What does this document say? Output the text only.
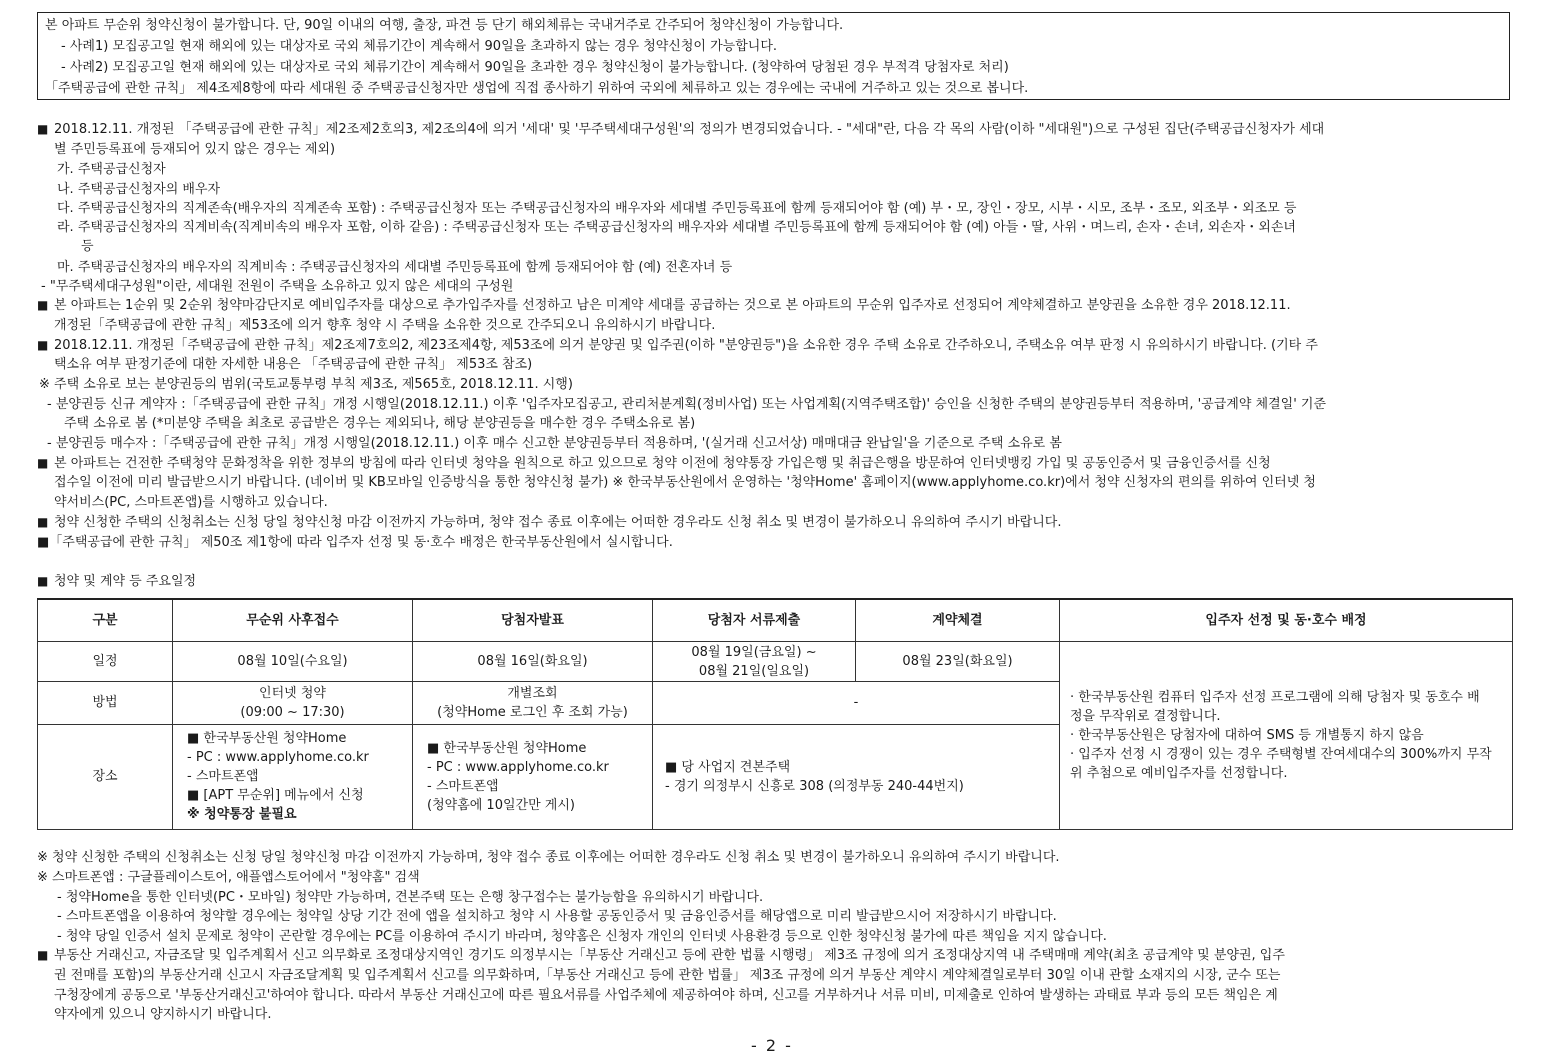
본 아파트 무순위 청약신청이 불가합니다. 단, 90일 이내의 여행, 출장, 파견 등 단기 해외체류는 국내거주로 간주되어 청약신청이 가능합니다.

- 사례1) 모집공고일 현재 해외에 있는 대상자로 국외 체류기간이 계속해서 90일을 초과하지 않는 경우 청약신청이 가능합니다.

- 사례2) 모집공고일 현재 해외에 있는 대상자로 국외 체류기간이 계속해서 90일을 초과한 경우 청약신청이 불가능합니다. (청약하여 당첨된 경우 부적격 당첨자로 처리)

「주택공급에 관한 규칙」 제4조제8항에 따라 세대원 중 주택공급신청자만 생업에 직접 종사하기 위하여 국외에 체류하고 있는 경우에는 국내에 거주하고 있는 것으로 봅니다.

■ 2018.12.11. 개정된 「주택공급에 관한 규칙」제2조제2호의3, 제2조의4에 의거 '세대' 및 '무주택세대구성원'의 정의가 변경되었습니다. - "세대"란, 다음 각 목의 사람(이하 "세대원")으로 구성된 집단(주택공급신청자가 세대

별 주민등록표에 등재되어 있지 않은 경우는 제외)

가. 주택공급신청자

나. 주택공급신청자의 배우자

다. 주택공급신청자의 직계존속(배우자의 직계존속 포함) : 주택공급신청자 또는 주택공급신청자의 배우자와 세대별 주민등록표에 함께 등재되어야 함 (예) 부・모, 장인・장모, 시부・시모, 조부・조모, 외조부・외조모 등

라. 주택공급신청자의 직계비속(직계비속의 배우자 포함, 이하 같음) : 주택공급신청자 또는 주택공급신청자의 배우자와 세대별 주민등록표에 함께 등재되어야 함 (예) 아들・딸, 사위・며느리, 손자・손녀, 외손자・외손녀

등

마. 주택공급신청자의 배우자의 직계비속 : 주택공급신청자의 세대별 주민등록표에 함께 등재되어야 함 (예) 전혼자녀 등

- "무주택세대구성원"이란, 세대원 전원이 주택을 소유하고 있지 않은 세대의 구성원

■ 본 아파트는 1순위 및 2순위 청약마감단지로 예비입주자를 대상으로 추가입주자를 선정하고 남은 미계약 세대를 공급하는 것으로 본 아파트의 무순위 입주자로 선정되어 계약체결하고 분양권을 소유한 경우 2018.12.11.

개정된「주택공급에 관한 규칙」제53조에 의거 향후 청약 시 주택을 소유한 것으로 간주되오니 유의하시기 바랍니다.

■ 2018.12.11. 개정된「주택공급에 관한 규칙」제2조제7호의2, 제23조제4항, 제53조에 의거 분양권 및 입주권(이하 "분양권등")을 소유한 경우 주택 소유로 간주하오니, 주택소유 여부 판정 시 유의하시기 바랍니다. (기타 주

택소유 여부 판정기준에 대한 자세한 내용은 「주택공급에 관한 규칙」 제53조 참조)

※ 주택 소유로 보는 분양권등의 범위(국토교통부령 부칙 제3조, 제565호, 2018.12.11. 시행)

- 분양권등 신규 계약자 :「주택공급에 관한 규칙」개정 시행일(2018.12.11.) 이후 '입주자모집공고, 관리처분계획(정비사업) 또는 사업계획(지역주택조합)' 승인을 신청한 주택의 분양권등부터 적용하며, '공급계약 체결일' 기준

주택 소유로 봄 (*미분양 주택을 최초로 공급받은 경우는 제외되나, 해당 분양권등을 매수한 경우 주택소유로 봄)

- 분양권등 매수자 :「주택공급에 관한 규칙」개정 시행일(2018.12.11.) 이후 매수 신고한 분양권등부터 적용하며, '(실거래 신고서상) 매매대금 완납일'을 기준으로 주택 소유로 봄

■ 본 아파트는 건전한 주택청약 문화정착을 위한 정부의 방침에 따라 인터넷 청약을 원칙으로 하고 있으므로 청약 이전에 청약통장 가입은행 및 취급은행을 방문하여 인터넷뱅킹 가입 및 공동인증서 및 금융인증서를 신청

접수일 이전에 미리 발급받으시기 바랍니다. (네이버 및 KB모바일 인증방식을 통한 청약신청 불가) ※ 한국부동산원에서 운영하는 '청약Home' 홈페이지(www.applyhome.co.kr)에서 청약 신청자의 편의를 위하여 인터넷 청

약서비스(PC, 스마트폰앱)를 시행하고 있습니다.

■ 청약 신청한 주택의 신청취소는 신청 당일 청약신청 마감 이전까지 가능하며, 청약 접수 종료 이후에는 어떠한 경우라도 신청 취소 및 변경이 불가하오니 유의하여 주시기 바랍니다.

■「주택공급에 관한 규칙」 제50조 제1항에 따라 입주자 선정 및 동·호수 배정은 한국부동산원에서 실시합니다.

■ 청약 및 계약 등 주요일정

구분	무순위 사후접수	당첨자발표	당첨자 서류제출	계약체결	입주자 선정 및 동·호수 배정
일정	08월 10일(수요일)	08월 16일(화요일)	08월 19일(금요일) ~
08월 21일(일요일)	08월 23일(화요일)	· 한국부동산원 컴퓨터 입주자 선정 프로그램에 의해 당첨자 및 동호수 배정을 무작위로 결정합니다.
· 한국부동산원은 당첨자에 대하여 SMS 등 개별통지 하지 않음
· 입주자 선정 시 경쟁이 있는 경우 주택형별 잔여세대수의 300%까지 무작위 추첨으로 예비입주자를 선정합니다.

방법	인터넷 청약
(09:00 ~ 17:30)	개별조회
(청약Home 로그인 후 조회 가능)	-		
장소	■ 한국부동산원 청약Home
- PC : www.applyhome.co.kr
- 스마트폰앱
■ [APT 무순위] 메뉴에서 신청
※ 청약통장 불필요	■ 한국부동산원 청약Home
- PC : www.applyhome.co.kr
- 스마트폰앱
(청약홈에 10일간만 게시)	■ 당 사업지 견본주택
- 경기 의정부시 신흥로 308 (의정부동 240-44번지)		

※ 청약 신청한 주택의 신청취소는 신청 당일 청약신청 마감 이전까지 가능하며, 청약 접수 종료 이후에는 어떠한 경우라도 신청 취소 및 변경이 불가하오니 유의하여 주시기 바랍니다.

※ 스마트폰앱 : 구글플레이스토어, 애플앱스토어에서 "청약홈" 검색

- 청약Home을 통한 인터넷(PC・모바일) 청약만 가능하며, 견본주택 또는 은행 창구접수는 불가능함을 유의하시기 바랍니다.

- 스마트폰앱을 이용하여 청약할 경우에는 청약일 상당 기간 전에 앱을 설치하고 청약 시 사용할 공동인증서 및 금융인증서를 해당앱으로 미리 발급받으시어 저장하시기 바랍니다.

- 청약 당일 인증서 설치 문제로 청약이 곤란할 경우에는 PC를 이용하여 주시기 바라며, 청약홈은 신청자 개인의 인터넷 사용환경 등으로 인한 청약신청 불가에 따른 책임을 지지 않습니다.

■ 부동산 거래신고, 자금조달 및 입주계획서 신고 의무화로 조정대상지역인 경기도 의정부시는「부동산 거래신고 등에 관한 법률 시행령」 제3조 규정에 의거 조정대상지역 내 주택매매 계약(최초 공급계약 및 분양권, 입주

권 전매를 포함)의 부동산거래 신고시 자금조달계획 및 입주계획서 신고를 의무화하며,「부동산 거래신고 등에 관한 법률」 제3조 규정에 의거 부동산 계약시 계약체결일로부터 30일 이내 관할 소재지의 시장, 군수 또는

구청장에게 공동으로 '부동산거래신고'하여야 합니다. 따라서 부동산 거래신고에 따른 필요서류를 사업주체에 제공하여야 하며, 신고를 거부하거나 서류 미비, 미제출로 인하여 발생하는 과태료 부과 등의 모든 책임은 계

약자에게 있으니 양지하시기 바랍니다.

- 2 -
